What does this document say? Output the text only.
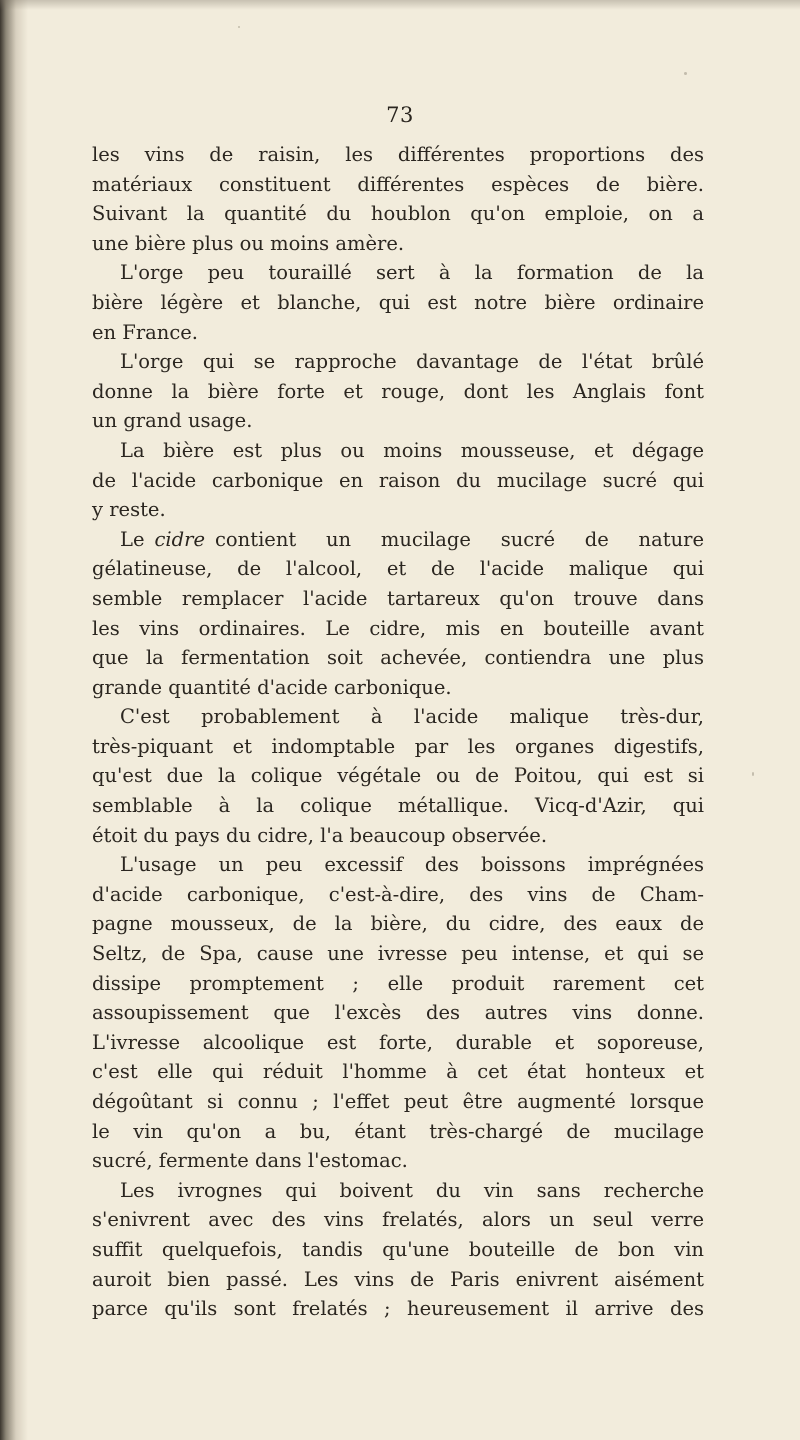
73
les vins de raisin, les différentes proportions des
matériaux constituent différentes espèces de bière.
Suivant la quantité du houblon qu'on emploie, on a
une bière plus ou moins amère.
L'orge peu touraillé sert à la formation de la
bière légère et blanche, qui est notre bière ordinaire
en France.
L'orge qui se rapproche davantage de l'état brûlé
donne la bière forte et rouge, dont les Anglais font
un grand usage.
La bière est plus ou moins mousseuse, et dégage
de l'acide carbonique en raison du mucilage sucré qui
y reste.
Le cidre contient un mucilage sucré de nature
gélatineuse, de l'alcool, et de l'acide malique qui
semble remplacer l'acide tartareux qu'on trouve dans
les vins ordinaires. Le cidre, mis en bouteille avant
que la fermentation soit achevée, contiendra une plus
grande quantité d'acide carbonique.
C'est probablement à l'acide malique très-dur,
très-piquant et indomptable par les organes digestifs,
qu'est due la colique végétale ou de Poitou, qui est si
semblable à la colique métallique. Vicq-d'Azir, qui
étoit du pays du cidre, l'a beaucoup observée.
L'usage un peu excessif des boissons imprégnées
d'acide carbonique, c'est-à-dire, des vins de Cham-
pagne mousseux, de la bière, du cidre, des eaux de
Seltz, de Spa, cause une ivresse peu intense, et qui se
dissipe promptement ; elle produit rarement cet
assoupissement que l'excès des autres vins donne.
L'ivresse alcoolique est forte, durable et soporeuse,
c'est elle qui réduit l'homme à cet état honteux et
dégoûtant si connu ; l'effet peut être augmenté lorsque
le vin qu'on a bu, étant très-chargé de mucilage
sucré, fermente dans l'estomac.
Les ivrognes qui boivent du vin sans recherche
s'enivrent avec des vins frelatés, alors un seul verre
suffit quelquefois, tandis qu'une bouteille de bon vin
auroit bien passé. Les vins de Paris enivrent aisément
parce qu'ils sont frelatés ; heureusement il arrive des
